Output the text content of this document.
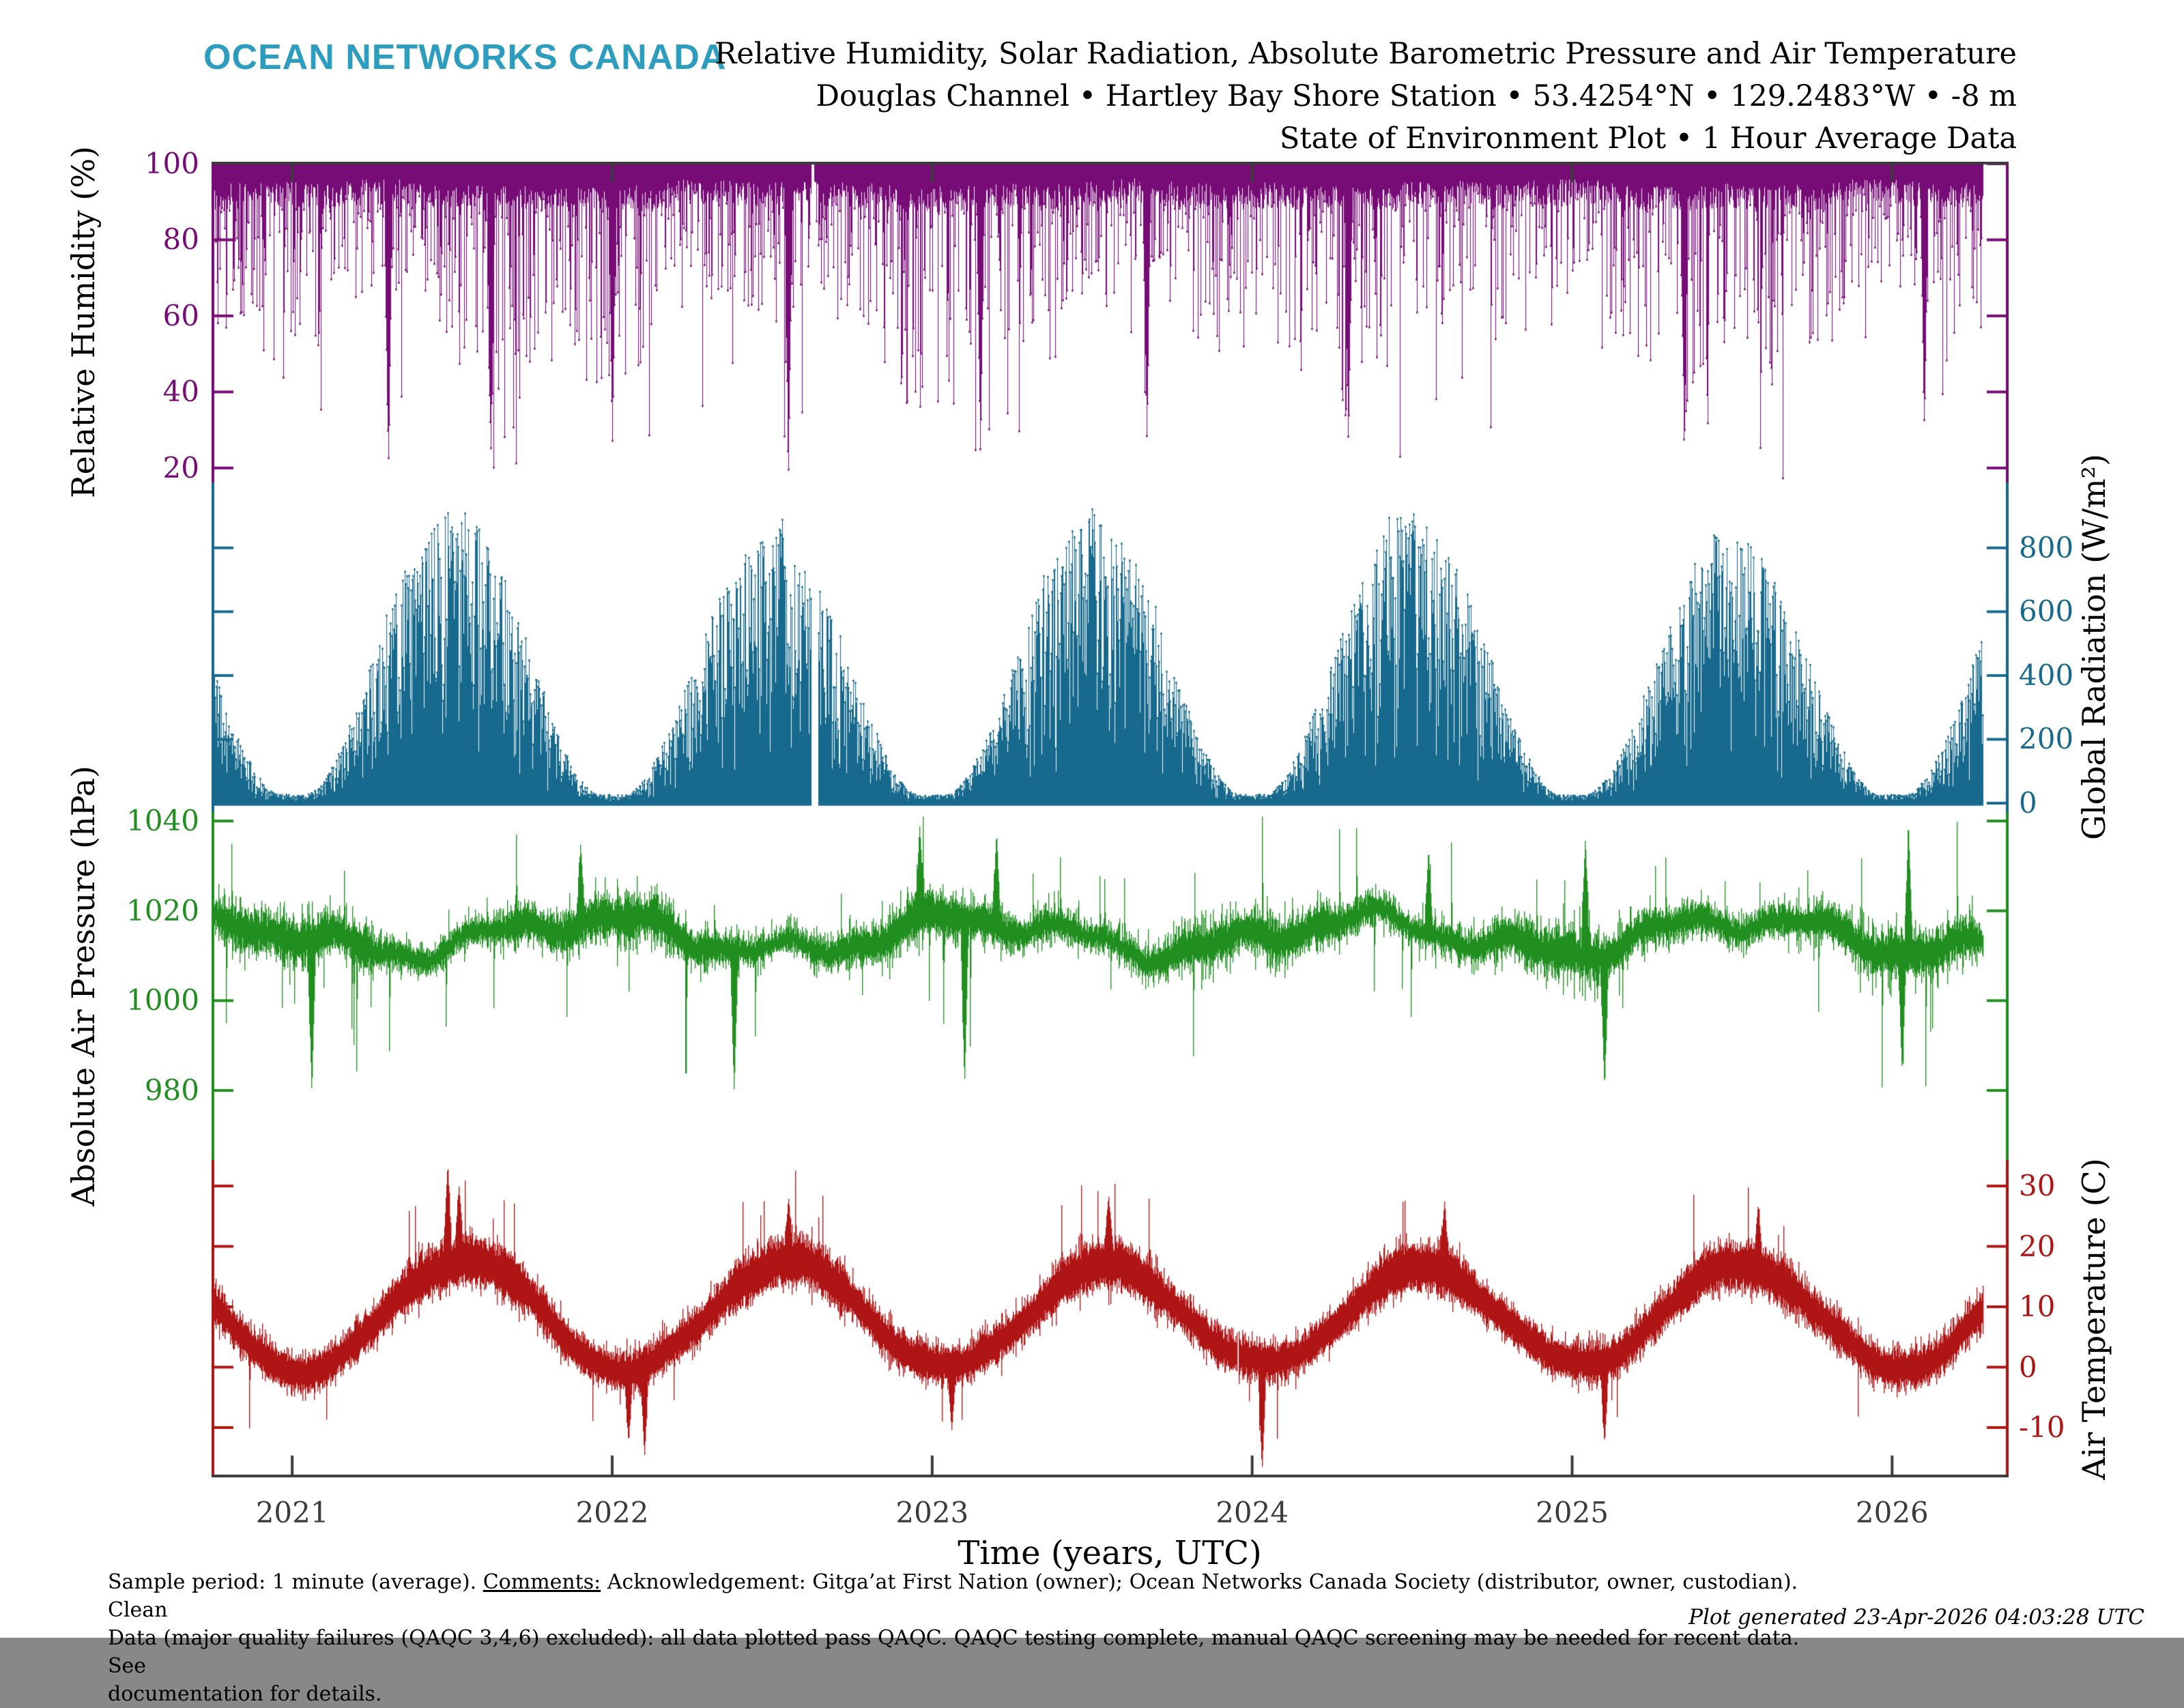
OCEAN NETWORKS CANADA
Relative Humidity, Solar Radiation, Absolute Barometric Pressure and Air Temperature
Douglas Channel • Hartley Bay Shore Station • 53.4254°N • 129.2483°W • -8 m
State of Environment Plot • 1 Hour Average Data
Relative Humidity (%)
Global Radiation (W/m²)
Absolute Air Pressure (hPa)
Air Temperature (C)
Time (years, UTC)
100
80
60
40
20
800
600
400
200
0
1040
1020
1000
980
30
20
10
0
-10
2021	2022	2023	2024	2025	2026
Sample period: 1 minute (average). Comments: Acknowledgement: Gitga’at First Nation (owner); Ocean Networks Canada Society (distributor, owner, custodian). Clean
Data (major quality failures (QAQC 3,4,6) excluded): all data plotted pass QAQC. QAQC testing complete, manual QAQC screening may be needed for recent data. See
documentation for details.
Plot generated 23-Apr-2026 04:03:28 UTC
